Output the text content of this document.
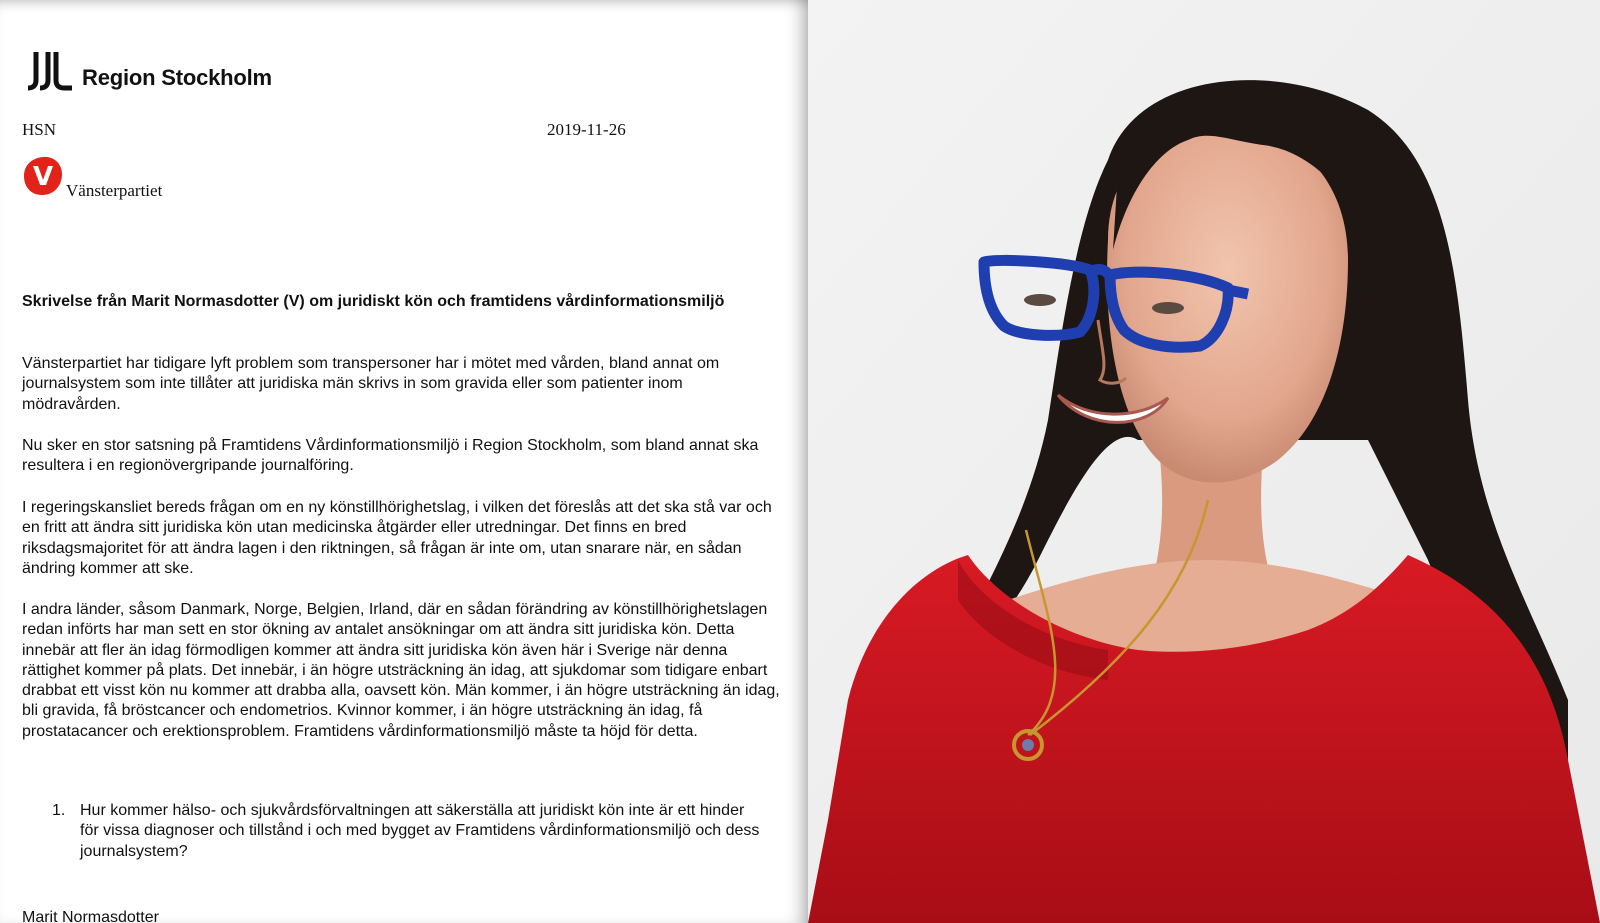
Region Stockholm
HSN	2019-11-26
V Vänsterpartiet
Skrivelse från Marit Normasdotter (V) om juridiskt kön och framtidens vårdinformationsmiljö

Vänsterpartiet har tidigare lyft problem som transpersoner har i mötet med vården, bland annat om journalsystem som inte tillåter att juridiska män skrivs in som gravida eller som patienter inom mödravården.

Nu sker en stor satsning på Framtidens Vårdinformationsmiljö i Region Stockholm, som bland annat ska resultera i en regionövergripande journalföring.

I regeringskansliet bereds frågan om en ny könstillhörighetslag, i vilken det föreslås att det ska stå var och en fritt att ändra sitt juridiska kön utan medicinska åtgärder eller utredningar. Det finns en bred riksdagsmajoritet för att ändra lagen i den riktningen, så frågan är inte om, utan snarare när, en sådan ändring kommer att ske.

I andra länder, såsom Danmark, Norge, Belgien, Irland, där en sådan förändring av könstillhörighetslagen redan införts har man sett en stor ökning av antalet ansökningar om att ändra sitt juridiska kön. Detta innebär att fler än idag förmodligen kommer att ändra sitt juridiska kön även här i Sverige när denna rättighet kommer på plats. Det innebär, i än högre utsträckning än idag, att sjukdomar som tidigare enbart drabbat ett visst kön nu kommer att drabba alla, oavsett kön. Män kommer, i än högre utsträckning än idag, bli gravida, få bröstcancer och endometrios. Kvinnor kommer, i än högre utsträckning än idag, få prostatacancer och erektionsproblem. Framtidens vårdinformationsmiljö måste ta höjd för detta.

1. Hur kommer hälso- och sjukvårdsförvaltningen att säkerställa att juridiskt kön inte är ett hinder för vissa diagnoser och tillstånd i och med bygget av Framtidens vårdinformationsmiljö och dess journalsystem?
Marit Normasdotter
